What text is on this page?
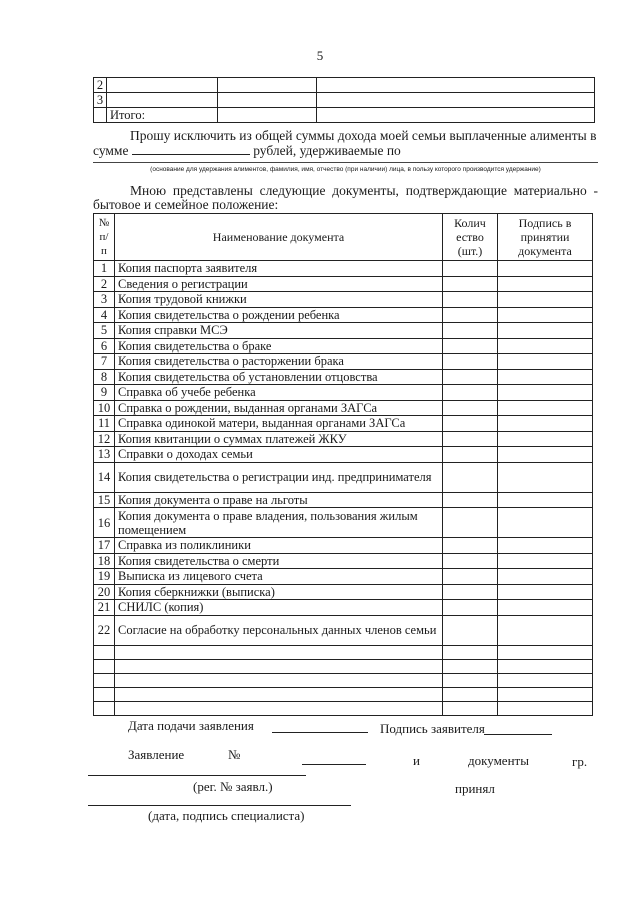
5
2			
3			
	Итого:		
Прошу исключить из общей суммы дохода моей семьи выплаченные алименты в
сумме	рублей, удерживаемые по
(основание для удержания алиментов, фамилия, имя, отчество (при наличии) лица, в пользу которого производится удержание)
Мною представлены следующие документы, подтверждающие материально - бытовое и семейное положение:
№
п/
п	Наименование документа	Колич
ество
(шт.)	Подпись в
принятии
документа
1	Копия паспорта заявителя		
2	Сведения о регистрации		
3	Копия трудовой книжки		
4	Копия свидетельства о рождении ребенка		
5	Копия справки МСЭ		
6	Копия свидетельства о браке		
7	Копия свидетельства о расторжении брака		
8	Копия свидетельства об установлении отцовства		
9	Справка об учебе ребенка		
10	Справка о рождении, выданная органами ЗАГСа		
11	Справка одинокой матери, выданная органами ЗАГСа		
12	Копия квитанции о суммах платежей ЖКУ		
13	Справки о доходах семьи		
14	Копия свидетельства о регистрации инд. предпринимателя		
15	Копия документа о праве на льготы		
16	Копия документа о праве владения, пользования жилым помещением		
17	Справка из поликлиники		
18	Копия свидетельства о смерти		
19	Выписка из лицевого счета		
20	Копия сберкнижки (выписка)		
21	СНИЛС (копия)		
22	Согласие на обработку персональных данных членов семьи		

Дата подачи заявления	Подпись заявителя
Заявление	№	и	документы	гр.
(рег. № заявл.)	принял
(дата, подпись специалиста)
